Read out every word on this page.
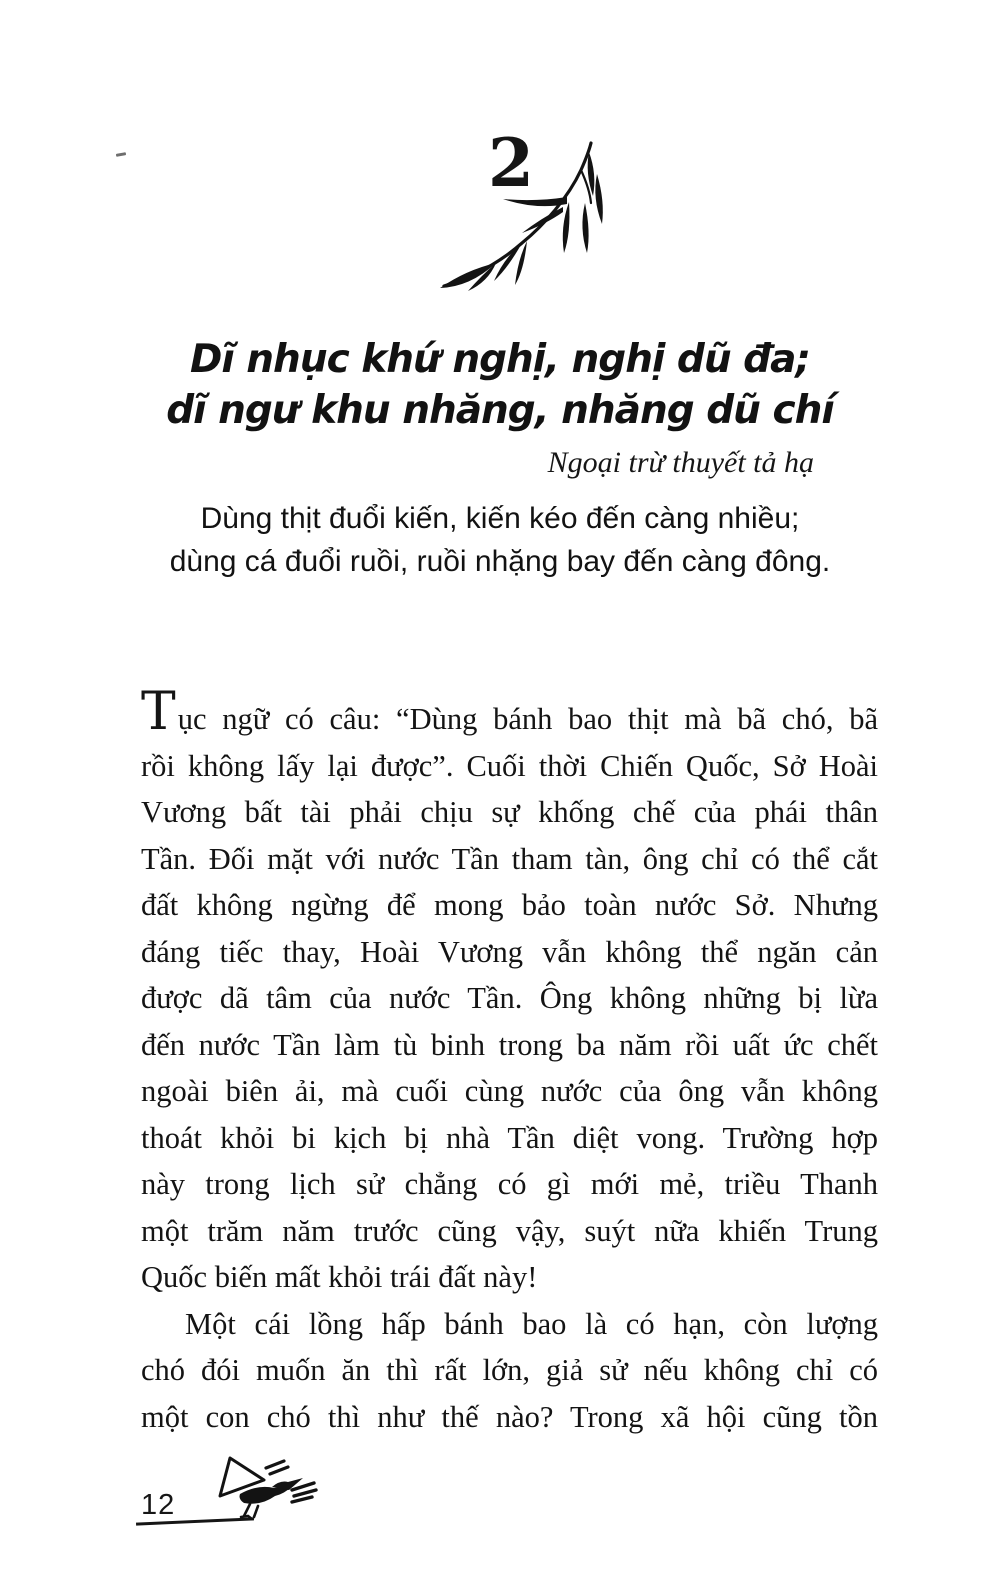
2
Dĩ nhục khứ nghị, nghị dũ đa;
dĩ ngư khu nhăng, nhăng dũ chí
Ngoại trừ thuyết tả hạ
Dùng thịt đuổi kiến, kiến kéo đến càng nhiều;
dùng cá đuổi ruồi, ruồi nhặng bay đến càng đông.
Tục ngữ có câu: “Dùng bánh bao thịt mà bã chó, bã
rồi không lấy lại được”. Cuối thời Chiến Quốc, Sở Hoài
Vương bất tài phải chịu sự khống chế của phái thân
Tần. Đối mặt với nước Tần tham tàn, ông chỉ có thể cắt
đất không ngừng để mong bảo toàn nước Sở. Nhưng
đáng tiếc thay, Hoài Vương vẫn không thể ngăn cản
được dã tâm của nước Tần. Ông không những bị lừa
đến nước Tần làm tù binh trong ba năm rồi uất ức chết
ngoài biên ải, mà cuối cùng nước của ông vẫn không
thoát khỏi bi kịch bị nhà Tần diệt vong. Trường hợp
này trong lịch sử chẳng có gì mới mẻ, triều Thanh
một trăm năm trước cũng vậy, suýt nữa khiến Trung
Quốc biến mất khỏi trái đất này!
Một cái lồng hấp bánh bao là có hạn, còn lượng
chó đói muốn ăn thì rất lớn, giả sử nếu không chỉ có
một con chó thì như thế nào? Trong xã hội cũng tồn
12
